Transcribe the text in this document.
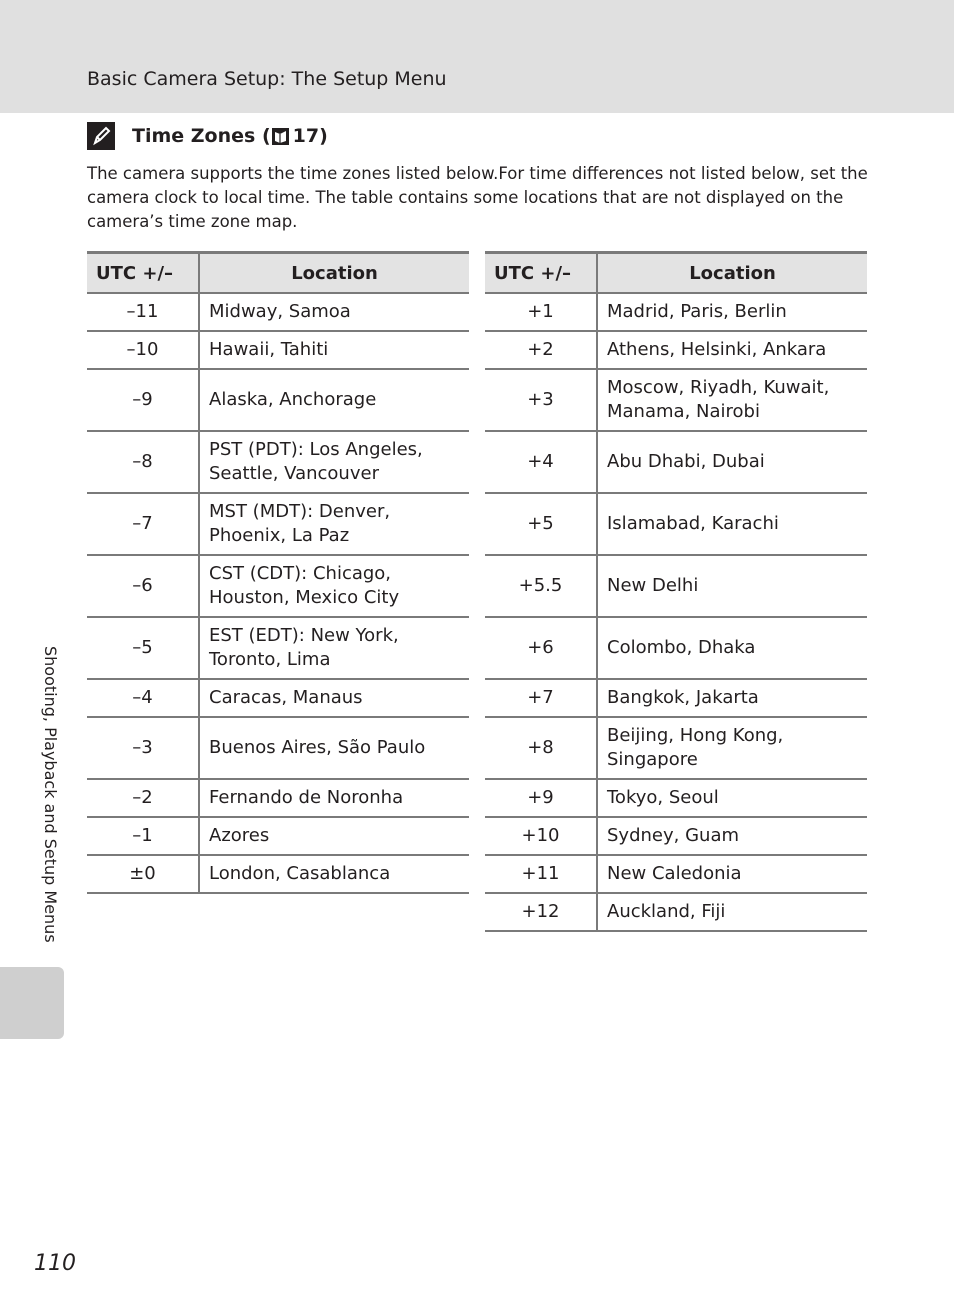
Basic Camera Setup: The Setup Menu
Time Zones ( 17)
The camera supports the time zones listed below.For time differences not listed below, set the camera clock to local time. The table contains some locations that are not displayed on the camera’s time zone map.
UTC +/–	Location
–11	Midway, Samoa
–10	Hawaii, Tahiti
–9	Alaska, Anchorage
–8	PST (PDT): Los Angeles, Seattle, Vancouver
–7	MST (MDT): Denver, Phoenix, La Paz
–6	CST (CDT): Chicago, Houston, Mexico City
–5	EST (EDT): New York, Toronto, Lima
–4	Caracas, Manaus
–3	Buenos Aires, São Paulo
–2	Fernando de Noronha
–1	Azores
±0	London, Casablanca
UTC +/–	Location
+1	Madrid, Paris, Berlin
+2	Athens, Helsinki, Ankara
+3	Moscow, Riyadh, Kuwait, Manama, Nairobi
+4	Abu Dhabi, Dubai
+5	Islamabad, Karachi
+5.5	New Delhi
+6	Colombo, Dhaka
+7	Bangkok, Jakarta
+8	Beijing, Hong Kong, Singapore
+9	Tokyo, Seoul
+10	Sydney, Guam
+11	New Caledonia
+12	Auckland, Fiji
Shooting, Playback and Setup Menus
110
